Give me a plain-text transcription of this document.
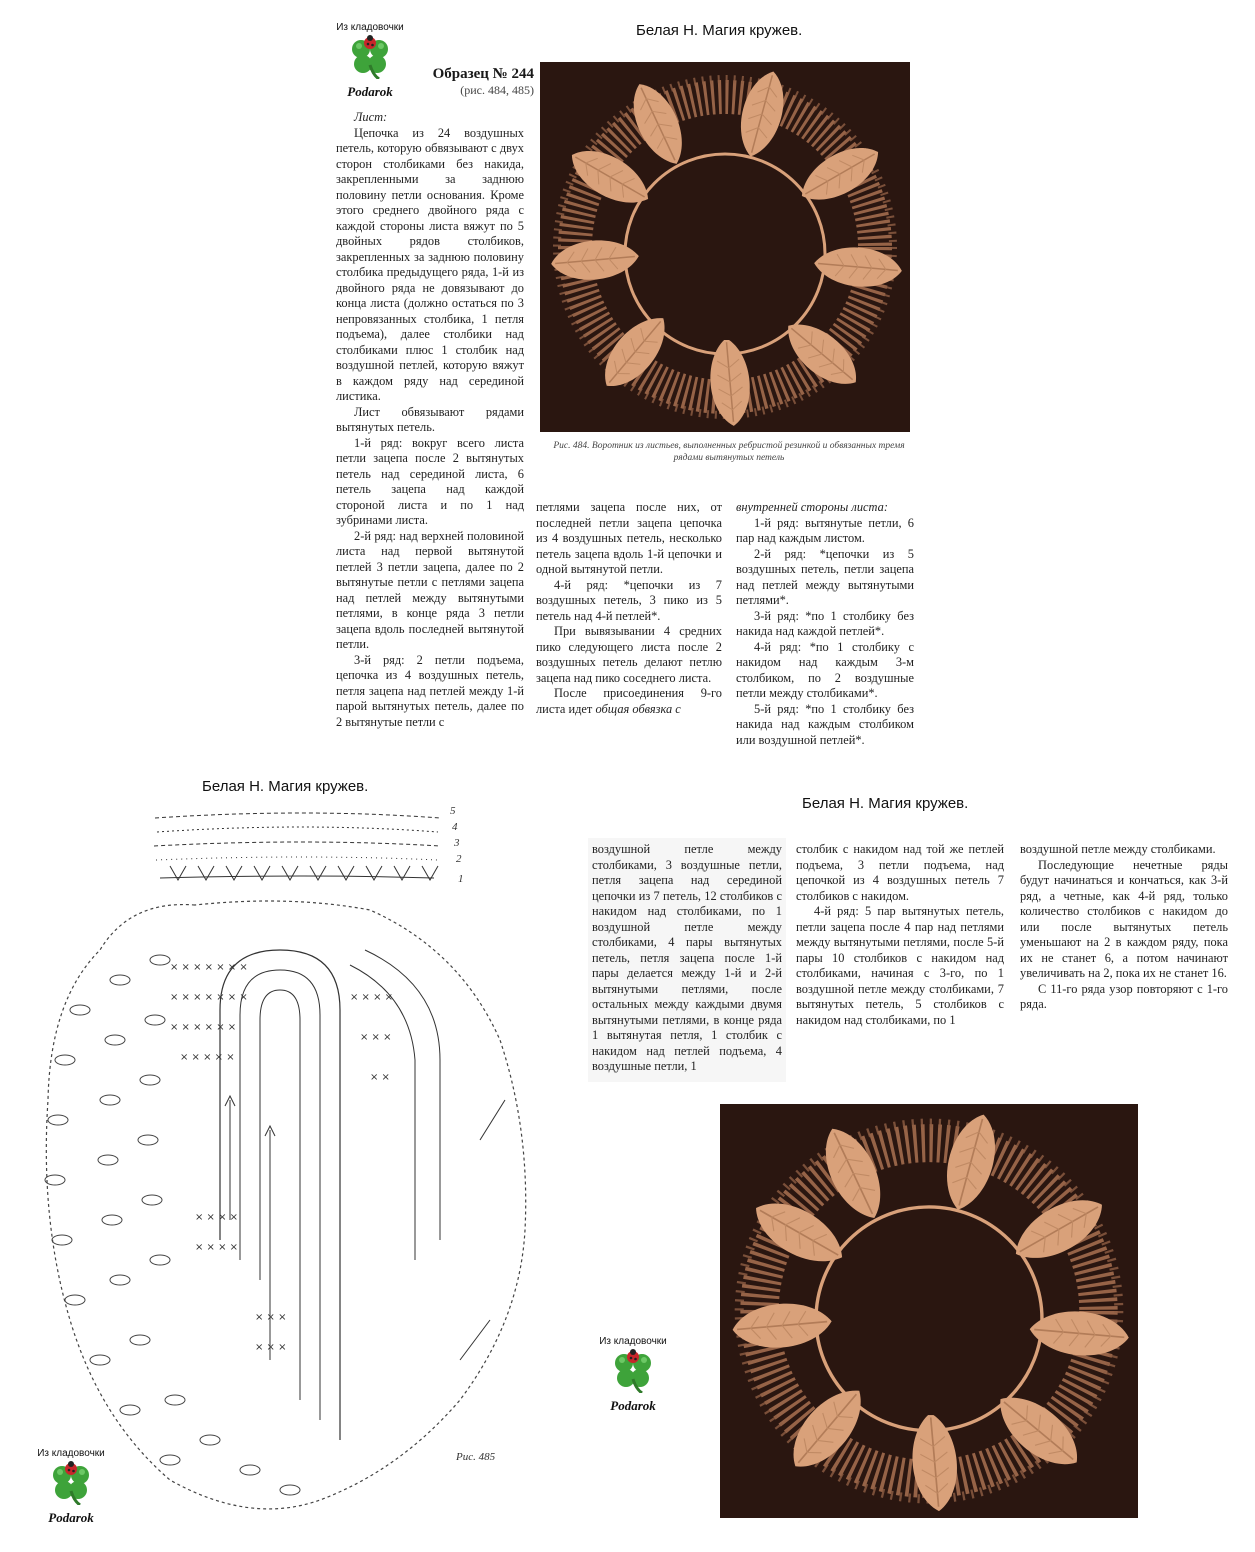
Белая Н. Магия кружев.
Из кладовочки
Podarok
Образец № 244
(рис. 484, 485)

Лист:

Цепочка из 24 воздушных петель, которую обвязывают с двух сторон столбиками без накида, закрепленными за заднюю половину петли основания. Кроме этого среднего двойного ряда с каждой стороны листа вяжут по 5 двойных рядов столбиков, закрепленных за заднюю половину столбика предыдущего ряда, 1-й из двойного ряда не довязывают до конца листа (должно остаться по 3 непровязанных столбика, 1 петля подъема), далее столбики над столбиками плюс 1 столбик над воздушной петлей, которую вяжут в каждом ряду над серединой листика.

Лист обвязывают рядами вытянутых петель.

1-й ряд: вокруг всего листа петли зацепа после 2 вытянутых петель над серединой листа, 6 петель зацепа над каждой стороной листа и по 1 над зубринами листа.

2-й ряд: над верхней половиной листа над первой вытянутой петлей 3 петли зацепа, далее по 2 вытянутые петли с петлями зацепа над петлей между вытянутыми петлями, в конце ряда 3 петли зацепа вдоль последней вытянутой петли.

3-й ряд: 2 петли подъема, цепочка из 4 воздушных петель, петля зацепа над петлей между 1-й парой вытянутых петель, далее по 2 вытянутые петли с

Рис. 484. Воротник из листьев, выполненных ребристой резинкой и обвязанных тремя рядами вытянутых петель

петлями зацепа после них, от последней петли зацепа цепочка из 4 воздушных петель, несколько петель зацепа вдоль 1-й цепочки и одной вытянутой петли.

4-й ряд: *цепочки из 7 воздушных петель, 3 пико из 5 петель над 4-й петлей*.

При вывязывании 4 средних пико следующего листа после 2 воздушных петель делают петлю зацепа над пико соседнего листа.

После присоединения 9-го листа идет общая обвязка с

внутренней стороны листа:

1-й ряд: вытянутые петли, 6 пар над каждым листом.

2-й ряд: *цепочки из 5 воздушных петель, петли зацепа над петлей между вытянутыми петлями*.

3-й ряд: *по 1 столбику без накида над каждой петлей*.

4-й ряд: *по 1 столбику с накидом над каждым 3-м столбиком, по 2 воздушные петли между столбиками*.

5-й ряд: *по 1 столбику без накида над каждым столбиком или воздушной петлей*.

Белая Н. Магия кружев.
× × × × × × ×
× × × × × × ×
× × × × × ×
× × × × ×
× × × ×
× × × ×
× × ×
× × ×
× × × ×
× × ×
× ×
5
4
3
2
1
Рис. 485
Из кладовочки
Podarok
Белая Н. Магия кружев.

воздушной петле между столбиками, 3 воздушные петли, петля зацепа над серединой цепочки из 7 петель, 12 столбиков с накидом над столбиками, по 1 воздушной петле между столбиками, 4 пары вытянутых петель, петля зацепа после 1-й пары делается между 1-й и 2-й вытянутыми петлями, после остальных между каждыми двумя вытянутыми петлями, в конце ряда 1 вытянутая петля, 1 столбик с накидом над петлей подъема, 4 воздушные петли, 1

столбик с накидом над той же петлей подъема, 3 петли подъема, над цепочкой из 4 воздушных петель 7 столбиков с накидом.

4-й ряд: 5 пар вытянутых петель, петли зацепа после 4 пар над петлями между вытянутыми петлями, после 5-й пары 10 столбиков с накидом над столбиками, начиная с 3-го, по 1 воздушной петле между столбиками, 7 вытянутых петель, 5 столбиков с накидом над столбиками, по 1

воздушной петле между столбиками.

Последующие нечетные ряды будут начинаться и кончаться, как 3-й ряд, а четные, как 4-й ряд, только количество столбиков с накидом до или после вытянутых петель уменьшают на 2 в каждом ряду, пока их не станет 6, а потом начинают увеличивать на 2, пока их не станет 16.

С 11-го ряда узор повторяют с 1-го ряда.

Из кладовочки
Podarok
